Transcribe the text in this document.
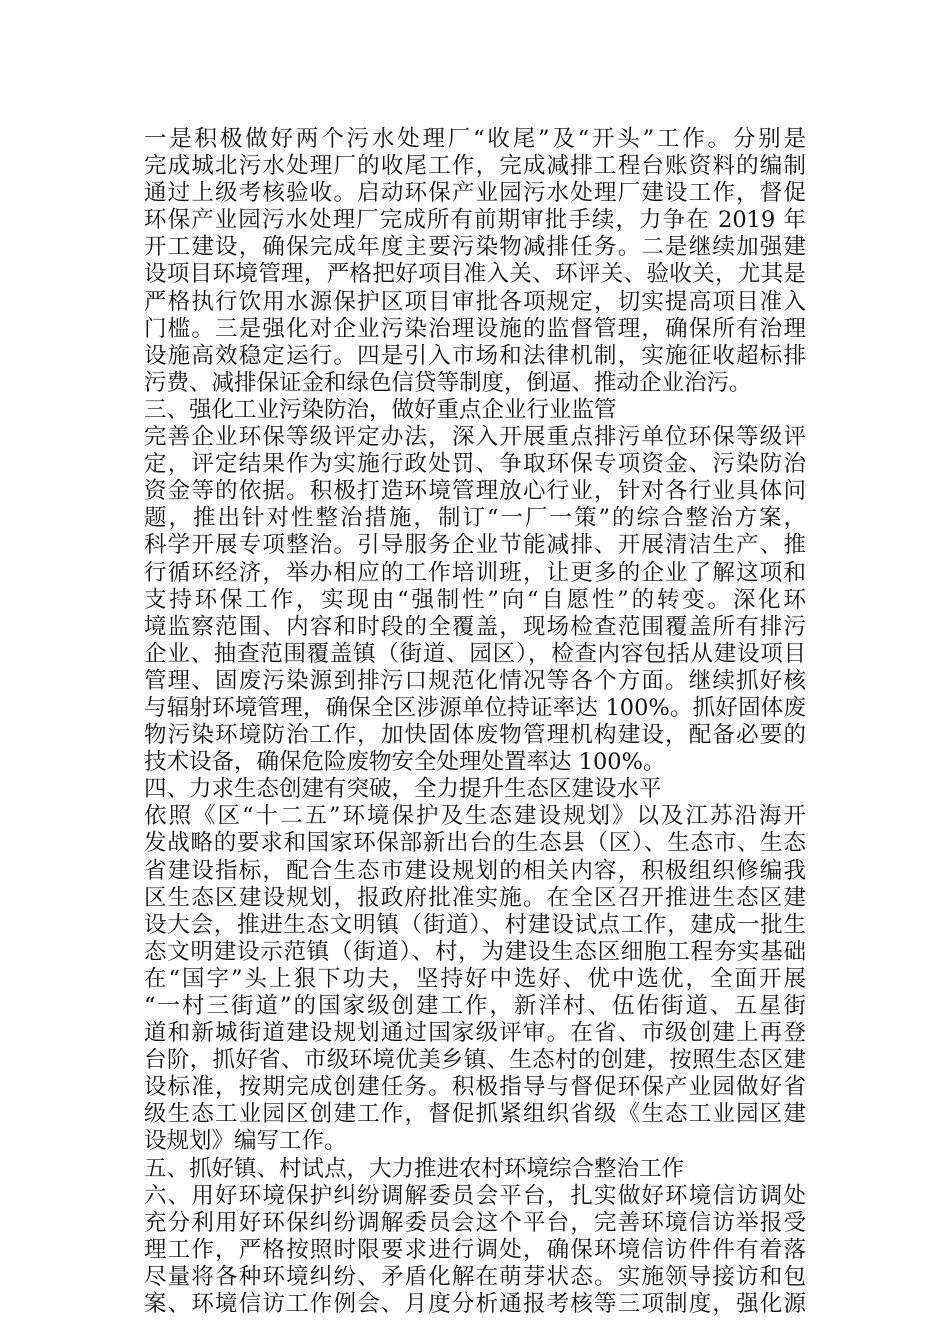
一是积极做好两个污水处理厂“收尾”及“开头”工作。分别是
完成城北污水处理厂的收尾工作，完成减排工程台账资料的编制
通过上级考核验收。启动环保产业园污水处理厂建设工作，督促
环保产业园污水处理厂完成所有前期审批手续，力争在 2019 年
开工建设，确保完成年度主要污染物减排任务。二是继续加强建
设项目环境管理，严格把好项目准入关、环评关、验收关，尤其是
严格执行饮用水源保护区项目审批各项规定，切实提高项目准入
门槛。三是强化对企业污染治理设施的监督管理，确保所有治理
设施高效稳定运行。四是引入市场和法律机制，实施征收超标排
污费、减排保证金和绿色信贷等制度，倒逼、推动企业治污。
三、强化工业污染防治，做好重点企业行业监管
完善企业环保等级评定办法，深入开展重点排污单位环保等级评
定，评定结果作为实施行政处罚、争取环保专项资金、污染防治
资金等的依据。积极打造环境管理放心行业，针对各行业具体问
题，推出针对性整治措施，制订“一厂一策”的综合整治方案，
科学开展专项整治。引导服务企业节能减排、开展清洁生产、推
行循环经济，举办相应的工作培训班，让更多的企业了解这项和
支持环保工作，实现由“强制性”向“自愿性”的转变。深化环
境监察范围、内容和时段的全覆盖，现场检查范围覆盖所有排污
企业、抽查范围覆盖镇（街道、园区），检查内容包括从建设项目
管理、固废污染源到排污口规范化情况等各个方面。继续抓好核
与辐射环境管理，确保全区涉源单位持证率达 100%。抓好固体废
物污染环境防治工作，加快固体废物管理机构建设，配备必要的
技术设备，确保危险废物安全处理处置率达 100%。
四、力求生态创建有突破，全力提升生态区建设水平
依照《区“十二五”环境保护及生态建设规划》以及江苏沿海开
发战略的要求和国家环保部新出台的生态县（区）、生态市、生态
省建设指标，配合生态市建设规划的相关内容，积极组织修编我
区生态区建设规划，报政府批准实施。在全区召开推进生态区建
设大会，推进生态文明镇（街道）、村建设试点工作，建成一批生
态文明建设示范镇（街道）、村，为建设生态区细胞工程夯实基础
在“国字”头上狠下功夫，坚持好中选好、优中选优，全面开展
“一村三街道”的国家级创建工作，新洋村、伍佑街道、五星街
道和新城街道建设规划通过国家级评审。在省、市级创建上再登
台阶，抓好省、市级环境优美乡镇、生态村的创建，按照生态区建
设标准，按期完成创建任务。积极指导与督促环保产业园做好省
级生态工业园区创建工作，督促抓紧组织省级《生态工业园区建
设规划》编写工作。
五、抓好镇、村试点，大力推进农村环境综合整治工作
六、用好环境保护纠纷调解委员会平台，扎实做好环境信访调处
充分利用好环保纠纷调解委员会这个平台，完善环境信访举报受
理工作，严格按照时限要求进行调处，确保环境信访件件有着落
尽量将各种环境纠纷、矛盾化解在萌芽状态。实施领导接访和包
案、环境信访工作例会、月度分析通报考核等三项制度，强化源
